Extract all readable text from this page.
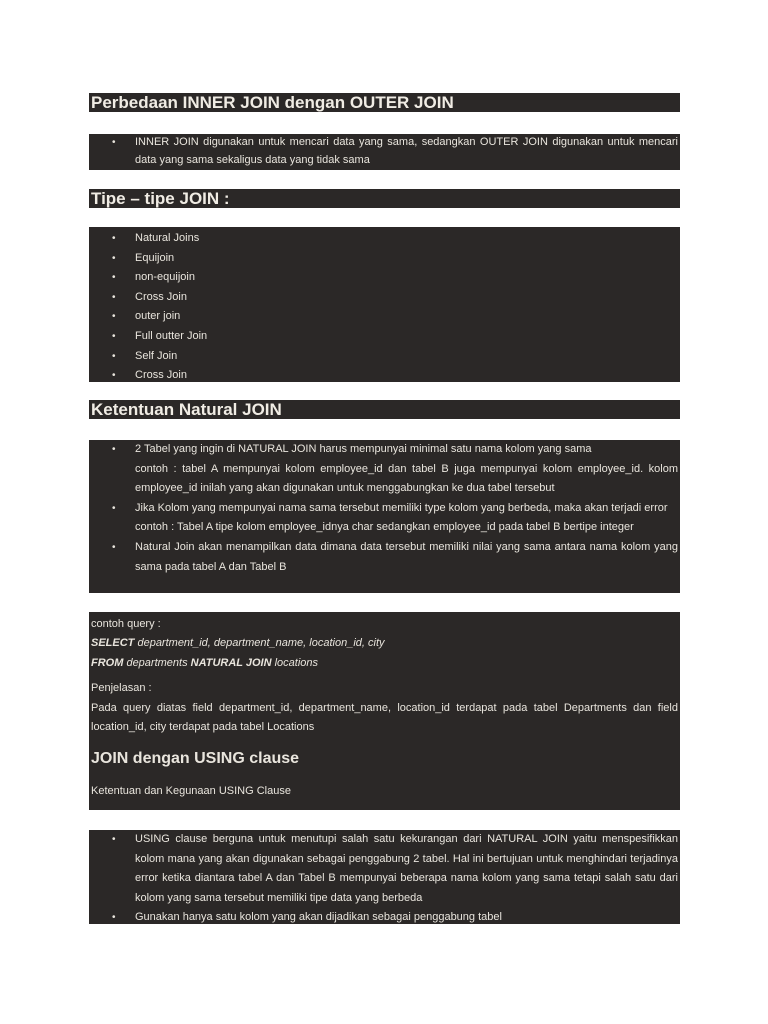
Perbedaan INNER JOIN dengan OUTER JOIN
• INNER JOIN digunakan untuk mencari data yang sama, sedangkan OUTER JOIN digunakan untuk mencari data yang sama sekaligus data yang tidak sama
Tipe – tipe JOIN :
• Natural Joins
• Equijoin
• non-equijoin
• Cross Join
• outer join
• Full outter Join
• Self Join
• Cross Join
Ketentuan Natural JOIN
• 2 Tabel yang ingin di NATURAL JOIN harus mempunyai minimal satu nama kolom yang sama
contoh : tabel A mempunyai kolom employee_id dan tabel B juga mempunyai kolom employee_id. kolom employee_id inilah yang akan digunakan untuk menggabungkan ke dua tabel tersebut
• Jika Kolom yang mempunyai nama sama tersebut memiliki type kolom yang berbeda, maka akan terjadi error
contoh : Tabel A tipe kolom employee_idnya char sedangkan employee_id pada tabel B bertipe integer
• Natural Join akan menampilkan data dimana data tersebut memiliki nilai yang sama antara nama kolom yang sama pada tabel A dan Tabel B
contoh query :
SELECT department_id, department_name, location_id, city
FROM departments NATURAL JOIN locations
Penjelasan :
Pada query diatas field department_id, department_name, location_id terdapat pada tabel Departments dan field location_id, city terdapat pada tabel Locations
JOIN dengan USING clause
Ketentuan dan Kegunaan USING Clause
• USING clause berguna untuk menutupi salah satu kekurangan dari NATURAL JOIN yaitu menspesifikkan kolom mana yang akan digunakan sebagai penggabung 2 tabel. Hal ini bertujuan untuk menghindari terjadinya error ketika diantara tabel A dan Tabel B mempunyai beberapa nama kolom yang sama tetapi salah satu dari kolom yang sama tersebut memiliki tipe data yang berbeda
• Gunakan hanya satu kolom yang akan dijadikan sebagai penggabung tabel
